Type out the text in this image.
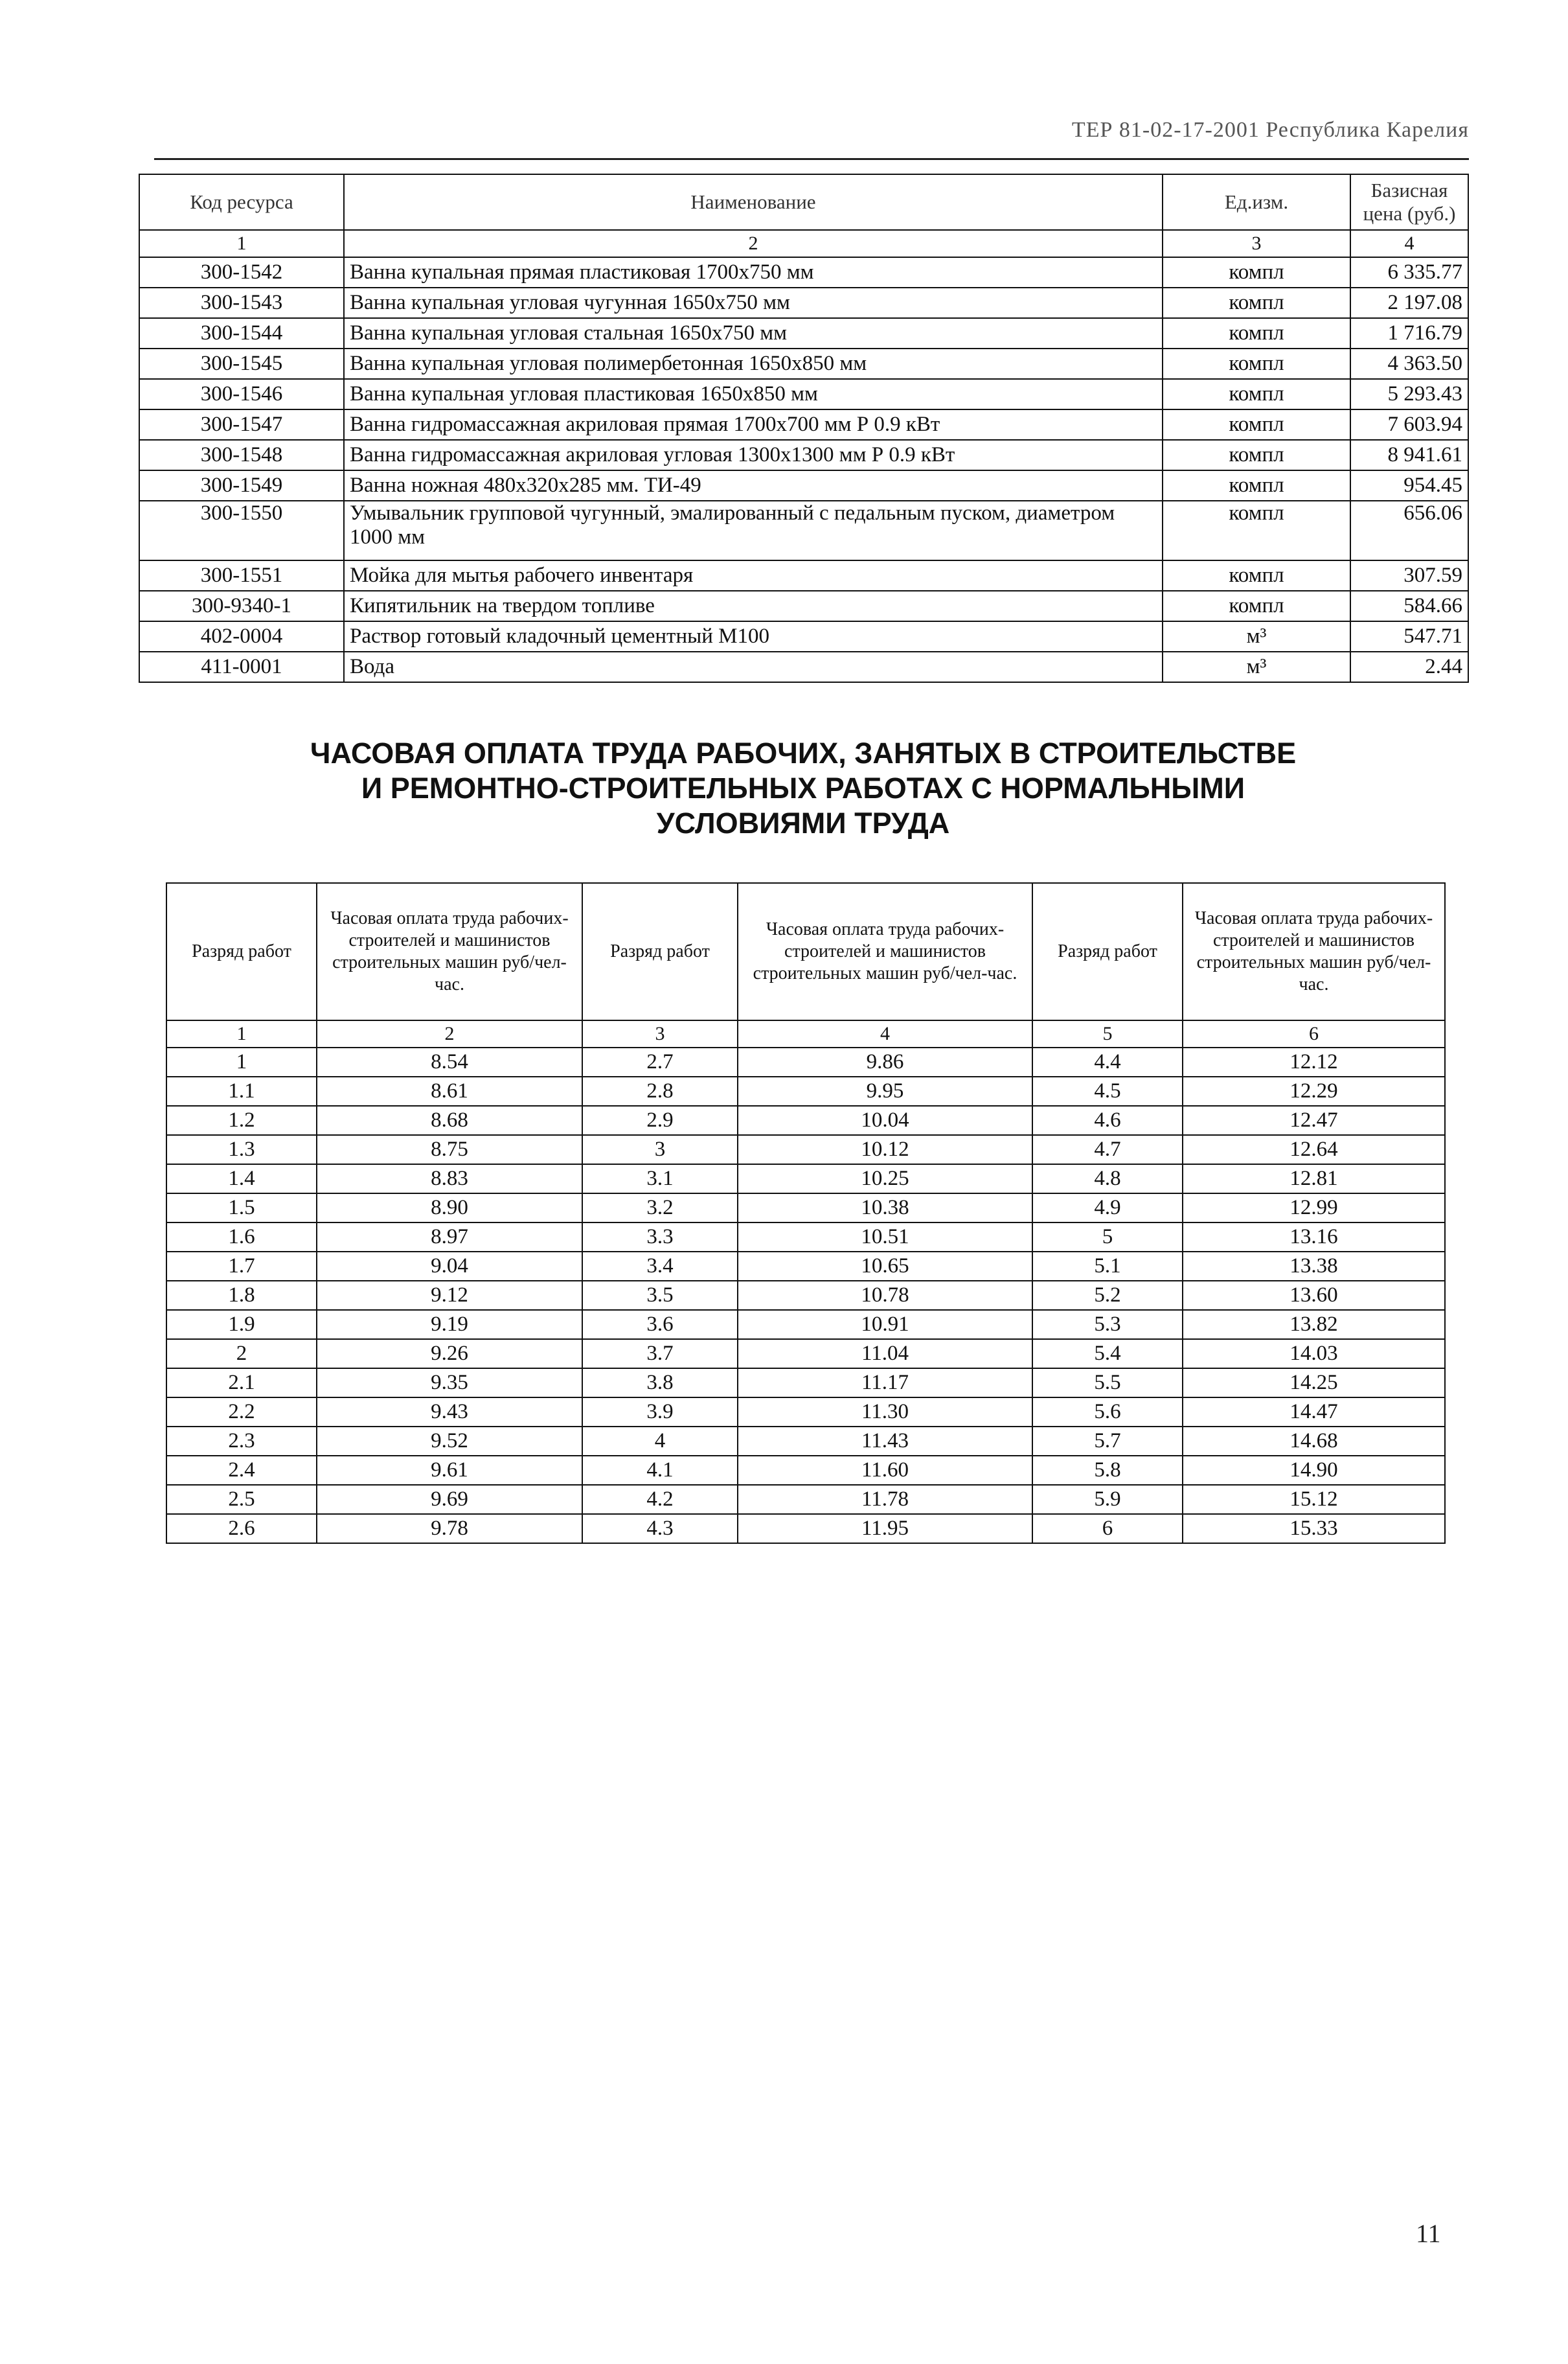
ТЕР 81-02-17-2001 Республика Карелия
Код ресурса	Наименование	Ед.изм.	Базисная цена (руб.)
1	2	3	4
300-1542	Ванна купальная прямая пластиковая 1700x750 мм	компл	6 335.77
300-1543	Ванна купальная угловая чугунная 1650x750 мм	компл	2 197.08
300-1544	Ванна купальная угловая стальная 1650x750 мм	компл	1 716.79
300-1545	Ванна купальная угловая полимербетонная 1650x850 мм	компл	4 363.50
300-1546	Ванна купальная угловая пластиковая 1650x850 мм	компл	5 293.43
300-1547	Ванна гидромассажная акриловая прямая 1700x700 мм Р 0.9 кВт	компл	7 603.94
300-1548	Ванна гидромассажная акриловая угловая 1300x1300 мм Р 0.9 кВт	компл	8 941.61
300-1549	Ванна ножная 480x320x285 мм. ТИ-49	компл	954.45
300-1550	Умывальник групповой чугунный, эмалированный с педальным пуском, диаметром 1000 мм	компл	656.06
300-1551	Мойка для мытья рабочего инвентаря	компл	307.59
300-9340-1	Кипятильник на твердом топливе	компл	584.66
402-0004	Раствор готовый кладочный цементный М100	м³	547.71
411-0001	Вода	м³	2.44
ЧАСОВАЯ ОПЛАТА ТРУДА РАБОЧИХ, ЗАНЯТЫХ В СТРОИТЕЛЬСТВЕ
И РЕМОНТНО-СТРОИТЕЛЬНЫХ РАБОТАХ С НОРМАЛЬНЫМИ
УСЛОВИЯМИ ТРУДА
Разряд работ	Часовая оплата труда рабочих-строителей и машинистов строительных машин руб/чел-час.	Разряд работ	Часовая оплата труда рабочих-строителей и машинистов строительных машин руб/чел-час.	Разряд работ	Часовая оплата труда рабочих-строителей и машинистов строительных машин руб/чел-час.
1	2	3	4	5	6
1	8.54	2.7	9.86	4.4	12.12
1.1	8.61	2.8	9.95	4.5	12.29
1.2	8.68	2.9	10.04	4.6	12.47
1.3	8.75	3	10.12	4.7	12.64
1.4	8.83	3.1	10.25	4.8	12.81
1.5	8.90	3.2	10.38	4.9	12.99
1.6	8.97	3.3	10.51	5	13.16
1.7	9.04	3.4	10.65	5.1	13.38
1.8	9.12	3.5	10.78	5.2	13.60
1.9	9.19	3.6	10.91	5.3	13.82
2	9.26	3.7	11.04	5.4	14.03
2.1	9.35	3.8	11.17	5.5	14.25
2.2	9.43	3.9	11.30	5.6	14.47
2.3	9.52	4	11.43	5.7	14.68
2.4	9.61	4.1	11.60	5.8	14.90
2.5	9.69	4.2	11.78	5.9	15.12
2.6	9.78	4.3	11.95	6	15.33
11
